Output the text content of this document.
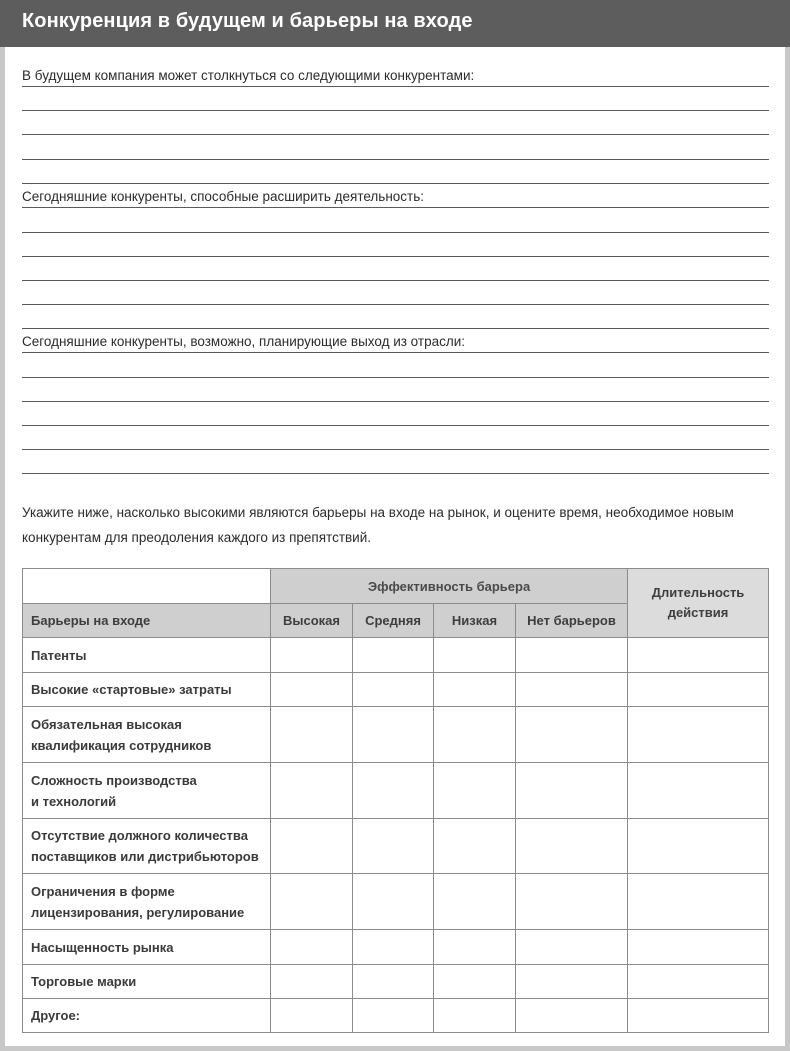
Конкуренция в будущем и барьеры на входе
В будущем компания может столкнуться со следующими конкурентами:
Сегодняшние конкуренты, способные расширить деятельность:
Сегодняшние конкуренты, возможно, планирующие выход из отрасли:
Укажите ниже, насколько высокими являются барьеры на входе на рынок, и оцените время, необходимое новым
конкурентам для преодоления каждого из препятствий.
	Эффективность барьера				Длительность
действия
Барьеры на входе	Высокая	Средняя	Низкая	Нет барьеров	
Патенты					
Высокие «стартовые» затраты					
Обязательная высокая
квалификация сотрудников					
Сложность производства
и технологий					
Отсутствие должного количества
поставщиков или дистрибьюторов					
Ограничения в форме
лицензирования, регулирование					
Насыщенность рынка					
Торговые марки					
Другое:					
